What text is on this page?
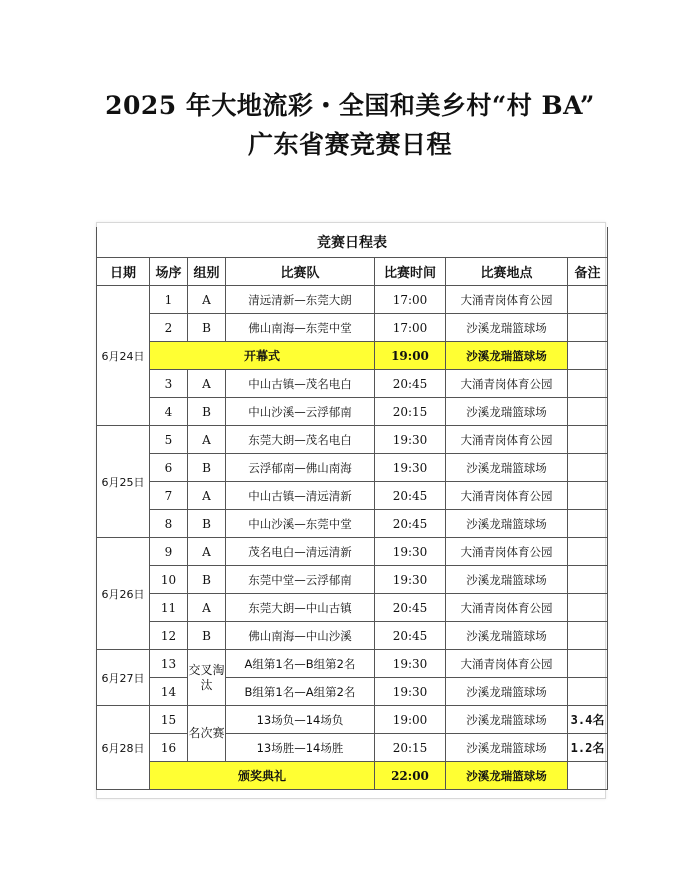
2025 年大地流彩・全国和美乡村“村 BA”
广东省赛竞赛日程
竞赛日程表						
日期	场序	组别	比赛队	比赛时间	比赛地点	备注
6月24日	1	A	清远清新—东莞大朗	17:00	大涌青岗体育公园	
	2	B	佛山南海—东莞中堂	17:00	沙溪龙瑞篮球场	
	开幕式			19:00	沙溪龙瑞篮球场	
	3	A	中山古镇—茂名电白	20:45	大涌青岗体育公园	
	4	B	中山沙溪—云浮郁南	20:15	沙溪龙瑞篮球场	
6月25日	5	A	东莞大朗—茂名电白	19:30	大涌青岗体育公园	
	6	B	云浮郁南—佛山南海	19:30	沙溪龙瑞篮球场	
	7	A	中山古镇—清远清新	20:45	大涌青岗体育公园	
	8	B	中山沙溪—东莞中堂	20:45	沙溪龙瑞篮球场	
6月26日	9	A	茂名电白—清远清新	19:30	大涌青岗体育公园	
	10	B	东莞中堂—云浮郁南	19:30	沙溪龙瑞篮球场	
	11	A	东莞大朗—中山古镇	20:45	大涌青岗体育公园	
	12	B	佛山南海—中山沙溪	20:45	沙溪龙瑞篮球场	
6月27日	13	交叉淘汰	A组第1名—B组第2名	19:30	大涌青岗体育公园	
	14		B组第1名—A组第2名	19:30	沙溪龙瑞篮球场	
6月28日	15	名次赛	13场负—14场负	19:00	沙溪龙瑞篮球场	3.4名
	16		13场胜—14场胜	20:15	沙溪龙瑞篮球场	1.2名
	颁奖典礼			22:00	沙溪龙瑞篮球场	
